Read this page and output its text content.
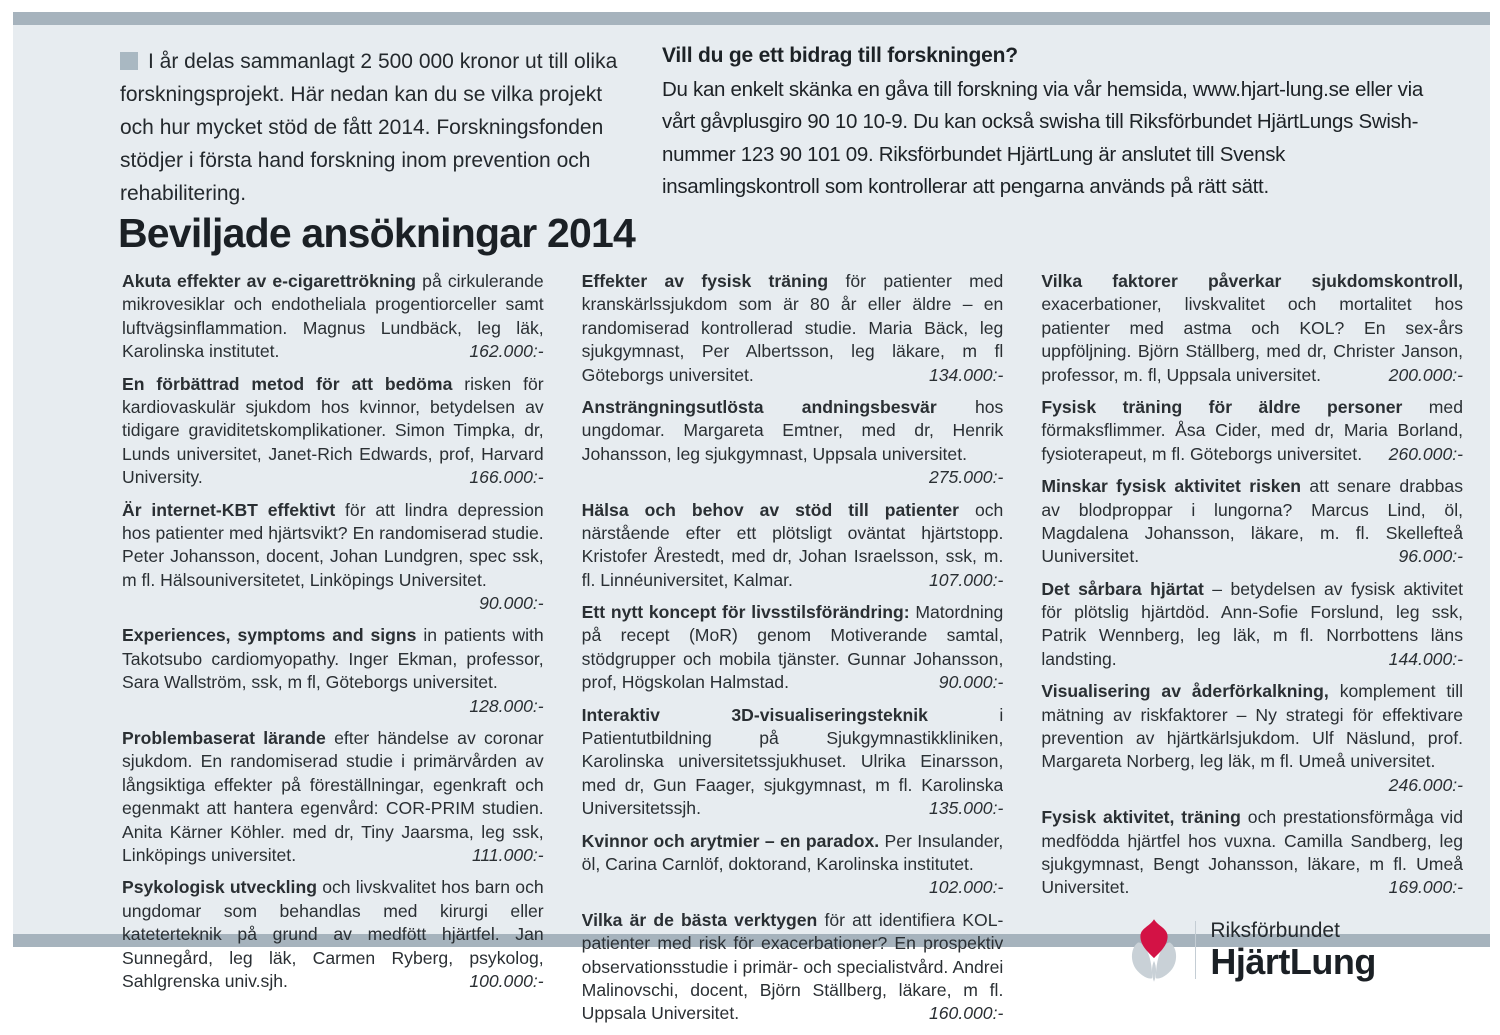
I år delas sammanlagt 2 500 000 kronor ut till olika forskningsprojekt. Här nedan kan du se vilka projekt och hur mycket stöd de fått 2014. Forskningsfonden stödjer i första hand forskning inom prevention och rehabilitering.
Vill du ge ett bidrag till forskningen?

Du kan enkelt skänka en gåva till forskning via vår hemsida, www.hjart-lung.se eller via vårt gåvplusgiro 90 10 10-9. Du kan också swisha till Riksförbundet HjärtLungs Swish-nummer 123 90 101 09. Riksförbundet HjärtLung är anslutet till Svensk insamlingskontroll som kontrollerar att pengarna används på rätt sätt.

Beviljade ansökningar 2014

Akuta effekter av e-cigarettrökning på cirkulerande mikrovesiklar och endotheliala progentiorceller samt luftvägsinflammation. Magnus Lundbäck, leg läk, Karolinska institutet.	162.000:-

En förbättrad metod för att bedöma risken för kardiovaskulär sjukdom hos kvinnor, betydelsen av tidigare graviditetskomplikationer. Simon Timpka, dr, Lunds universitet, Janet-Rich Edwards, prof, Harvard University.	166.000:-

Är internet-KBT effektivt för att lindra depression hos patienter med hjärtsvikt? En randomiserad studie. Peter Johansson, docent, Johan Lundgren, spec ssk, m fl. Hälsouniversitetet, Linköpings Universitet.
90.000:-

Experiences, symptoms and signs in patients with Takotsubo cardiomyopathy. Inger Ekman, professor, Sara Wallström, ssk, m fl, Göteborgs universitet.
128.000:-

Problembaserat lärande efter händelse av coronar sjukdom. En randomiserad studie i primärvården av långsiktiga effekter på föreställningar, egenkraft och egenmakt att hantera egenvård: COR-PRIM studien. Anita Kärner Köhler. med dr, Tiny Jaarsma, leg ssk, Linköpings universitet.	111.000:-

Psykologisk utveckling och livskvalitet hos barn och ungdomar som behandlas med kirurgi eller kateterteknik på grund av medfött hjärtfel. Jan Sunnegård, leg läk, Carmen Ryberg, psykolog, Sahlgrenska univ.sjh.	100.000:-

Effekter av fysisk träning för patienter med kranskärlssjukdom som är 80 år eller äldre – en randomiserad kontrollerad studie. Maria Bäck, leg sjukgymnast, Per Albertsson, leg läkare, m fl Göteborgs universitet.	134.000:-

Ansträngningsutlösta andningsbesvär hos ungdomar. Margareta Emtner, med dr, Henrik Johansson, leg sjukgymnast, Uppsala universitet.
275.000:-

Hälsa och behov av stöd till patienter och närstående efter ett plötsligt oväntat hjärtstopp. Kristofer Årestedt, med dr, Johan Israelsson, ssk, m. fl. Linnéuniversitet, Kalmar.	107.000:-

Ett nytt koncept för livsstilsförändring: Matordning på recept (MoR) genom Motiverande samtal, stödgrupper och mobila tjänster. Gunnar Johansson, prof, Högskolan Halmstad.	90.000:-

Interaktiv 3D-visualiseringsteknik	i Patientutbildning på Sjukgymnastikkliniken, Karolinska universitetssjukhuset. Ulrika Einarsson, med dr, Gun Faager, sjukgymnast, m fl. Karolinska Universitetssjh.	135.000:-

Kvinnor och arytmier – en paradox. Per Insulander, öl, Carina Carnlöf, doktorand, Karolinska institutet.
102.000:-

Vilka är de bästa verktygen för att identifiera KOL-patienter med risk för exacerbationer? En prospektiv observationsstudie i primär- och specialistvård. Andrei Malinovschi, docent, Björn Ställberg, läkare, m fl. Uppsala Universitet.	160.000:-

Vilka faktorer påverkar sjukdomskontroll, exacerbationer, livskvalitet och mortalitet hos patienter med astma och KOL? En sex-års uppföljning. Björn Ställberg, med dr, Christer Janson, professor, m. fl, Uppsala universitet.	200.000:-

Fysisk träning för äldre personer med förmaksflimmer. Åsa Cider, med dr, Maria Borland, fysioterapeut, m fl. Göteborgs universitet. 260.000:-

Minskar fysisk aktivitet risken att senare drabbas av blodproppar i lungorna? Marcus Lind, öl, Magdalena Johansson, läkare, m. fl. Skellefteå Uuniversitet.	96.000:-

Det sårbara hjärtat – betydelsen av fysisk aktivitet för plötslig hjärtdöd. Ann-Sofie Forslund, leg ssk, Patrik Wennberg, leg läk, m fl. Norrbottens läns landsting.	144.000:-

Visualisering av åderförkalkning, komplement till mätning av riskfaktorer – Ny strategi för effektivare prevention av hjärtkärlsjukdom. Ulf Näslund, prof. Margareta Norberg, leg läk, m fl. Umeå universitet.
246.000:-

Fysisk aktivitet, träning och prestationsförmåga vid medfödda hjärtfel hos vuxna. Camilla Sandberg, leg sjukgymnast, Bengt Johansson, läkare, m fl. Umeå Universitet.	169.000:-

Riksförbundet
HjärtLung
